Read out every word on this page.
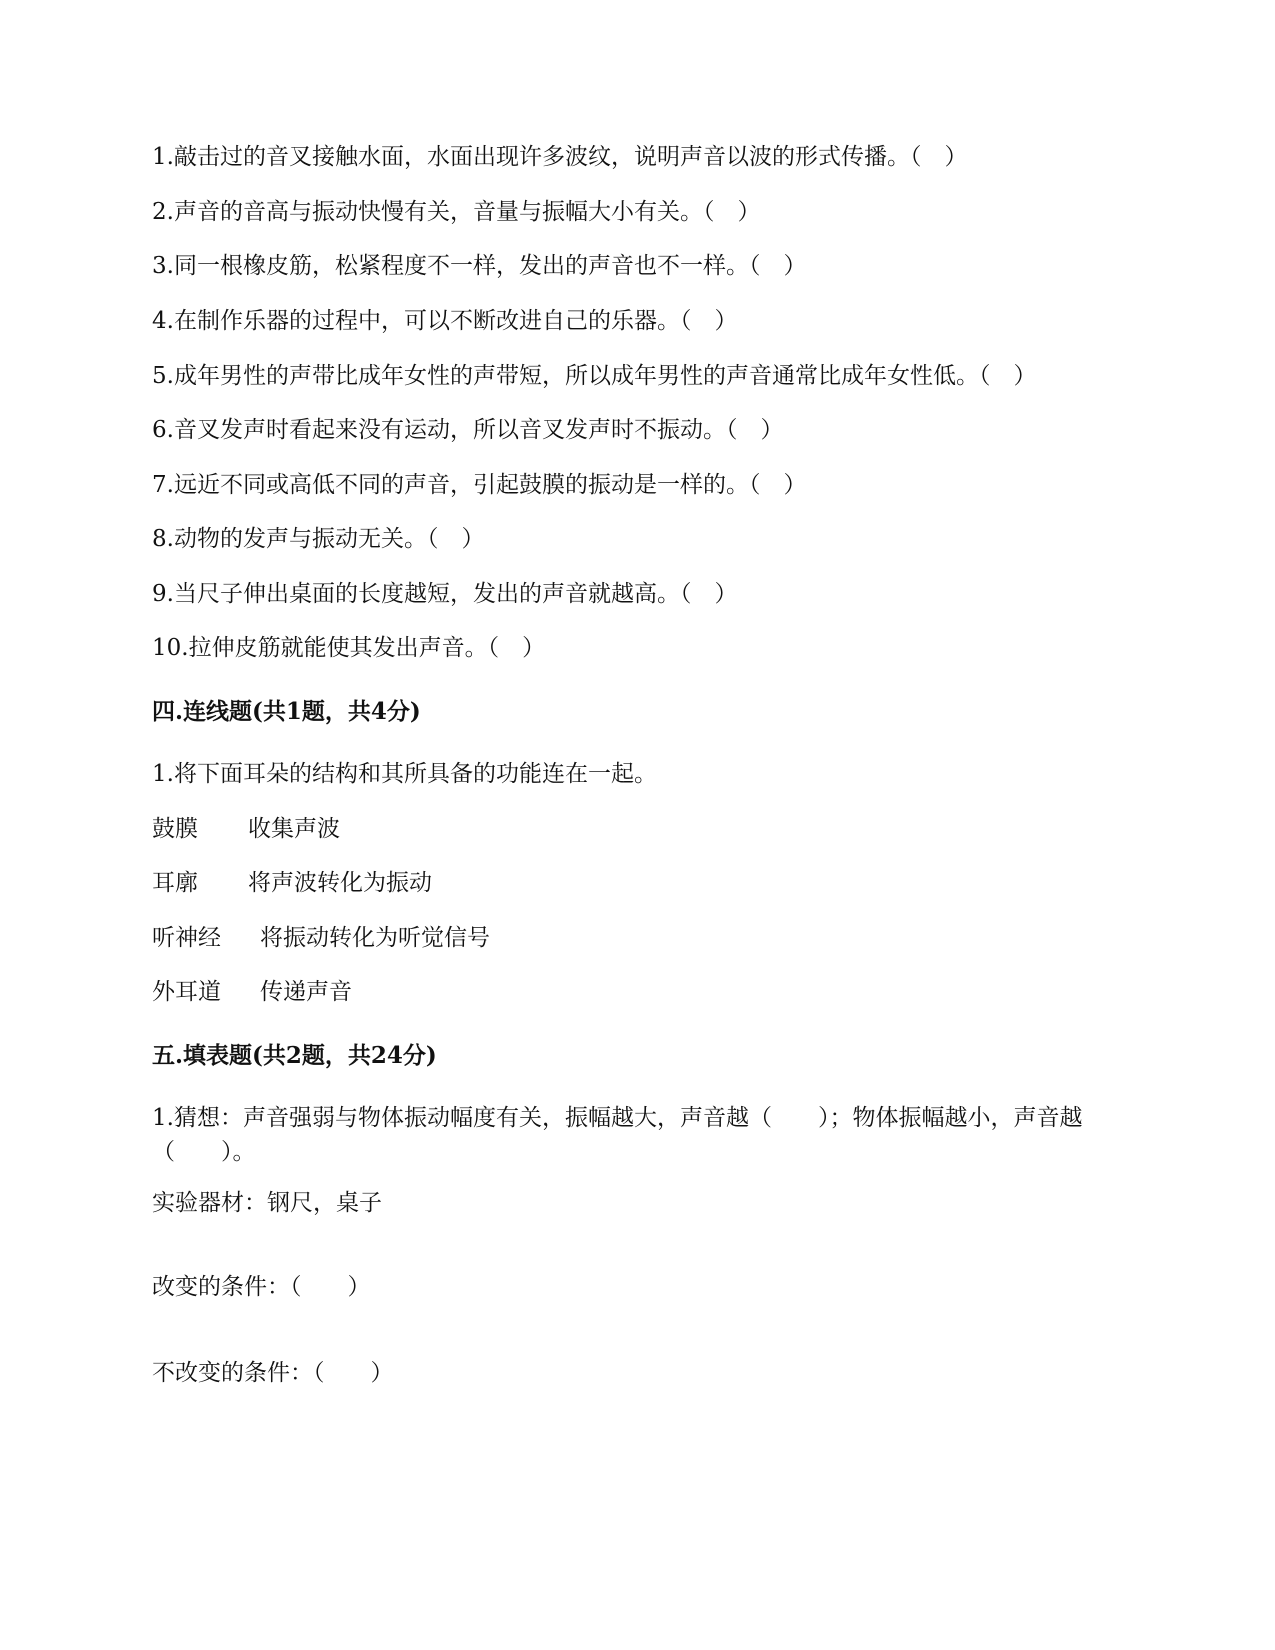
1.敲击过的音叉接触水面，水面出现许多波纹，说明声音以波的形式传播。（　）
2.声音的音高与振动快慢有关，音量与振幅大小有关。（　）
3.同一根橡皮筋，松紧程度不一样，发出的声音也不一样。（　）
4.在制作乐器的过程中，可以不断改进自己的乐器。（　）
5.成年男性的声带比成年女性的声带短，所以成年男性的声音通常比成年女性低。（　）
6.音叉发声时看起来没有运动，所以音叉发声时不振动。（　）
7.远近不同或高低不同的声音，引起鼓膜的振动是一样的。（　）
8.动物的发声与振动无关。（　）
9.当尺子伸出桌面的长度越短，发出的声音就越高。（　）
10.拉伸皮筋就能使其发出声音。（　）
四.连线题(共1题，共4分)
1.将下面耳朵的结构和其所具备的功能连在一起。
鼓膜 收集声波
耳廓 将声波转化为振动
听神经 将振动转化为听觉信号
外耳道 传递声音
五.填表题(共2题，共24分)
1.猜想：声音强弱与物体振动幅度有关，振幅越大，声音越（　　）；物体振幅越小，声音越（　　）。
实验器材：钢尺，桌子
改变的条件：（　　）
不改变的条件：（　　）
